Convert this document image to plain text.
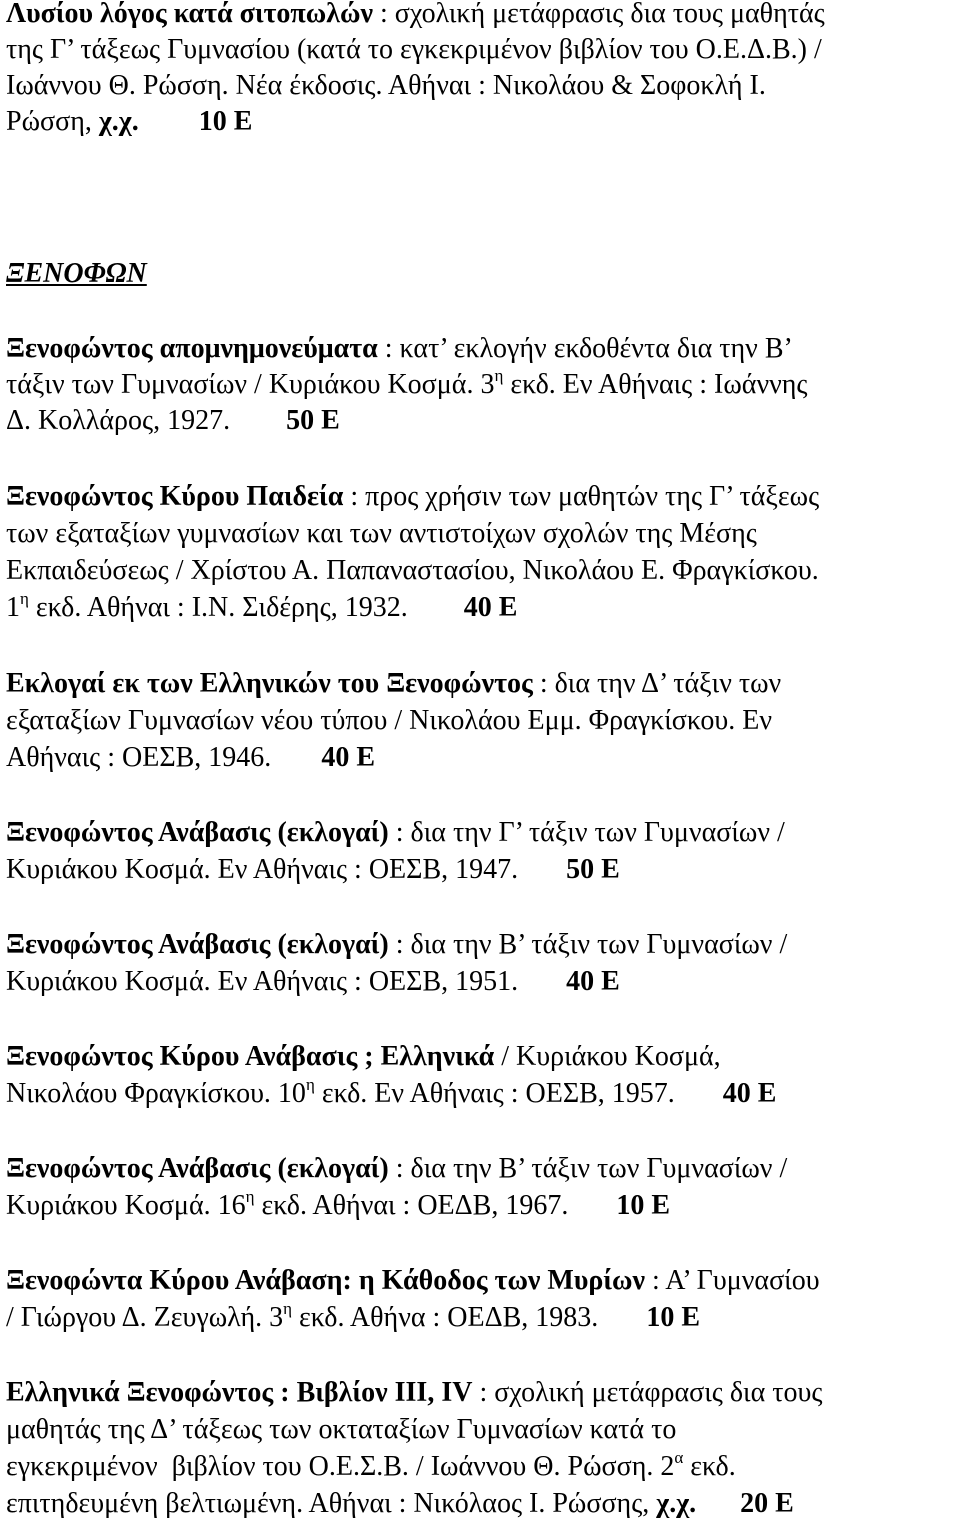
Λυσίου λόγος κατά σιτοπωλών : σχολική μετάφρασις δια τους μαθητάς

της Γ’ τάξεως Γυμνασίου (κατά το εγκεκριμένον βιβλίον του Ο.Ε.Δ.Β.) /

Ιωάννου Θ. Ρώσση. Νέα έκδοσις. Αθήναι : Νικολάου & Σοφοκλή Ι.

Ρώσση, χ.χ. 10 Ε

ΞΕΝΟΦΩΝ

Ξενοφώντος απομνημονεύματα : κατ’ εκλογήν εκδοθέντα δια την Β’

τάξιν των Γυμνασίων / Κυριάκου Κοσμά. $3^\eta$ εκδ. Εν Αθήναις : Ιωάννης

Δ. Κολλάρος, 1927. 50 Ε

Ξενοφώντος Κύρου Παιδεία : προς χρήσιν των μαθητών της Γ’ τάξεως

των εξαταξίων γυμνασίων και των αντιστοίχων σχολών της Μέσης

Εκπαιδεύσεως / Χρίστου Α. Παπαναστασίου, Νικολάου Ε. Φραγκίσκου.

$1^\eta$ εκδ. Αθήναι : Ι.Ν. Σιδέρης, 1932. 40 Ε

Εκλογαί εκ των Ελληνικών του Ξενοφώντος : δια την Δ’ τάξιν των

εξαταξίων Γυμνασίων νέου τύπου / Νικολάου Εμμ. Φραγκίσκου. Εν

Αθήναις : ΟΕΣΒ, 1946. 40 Ε

Ξενοφώντος Ανάβασις (εκλογαί) : δια την Γ’ τάξιν των Γυμνασίων /

Κυριάκου Κοσμά. Εν Αθήναις : ΟΕΣΒ, 1947. 50 Ε

Ξενοφώντος Ανάβασις (εκλογαί) : δια την Β’ τάξιν των Γυμνασίων /

Κυριάκου Κοσμά. Εν Αθήναις : ΟΕΣΒ, 1951. 40 Ε

Ξενοφώντος Κύρου Ανάβασις ; Ελληνικά / Κυριάκου Κοσμά,

Νικολάου Φραγκίσκου. $10^\eta$ εκδ. Εν Αθήναις : ΟΕΣΒ, 1957. 40 Ε

Ξενοφώντος Ανάβασις (εκλογαί) : δια την Β’ τάξιν των Γυμνασίων /

Κυριάκου Κοσμά. $16^\eta$ εκδ. Αθήναι : ΟΕΔΒ, 1967. 10 Ε

Ξενοφώντα Κύρου Ανάβαση: η Κάθοδος των Μυρίων : Α’ Γυμνασίου

/ Γιώργου Δ. Ζευγωλή. $3^\eta$ εκδ. Αθήνα : ΟΕΔΒ, 1983. 10 Ε

Ελληνικά Ξενοφώντος : Βιβλίον ΙΙΙ, ΙV : σχολική μετάφρασις δια τους

μαθητάς της Δ’ τάξεως των οκταταξίων Γυμνασίων κατά το

εγκεκριμένον  βιβλίον του Ο.Ε.Σ.Β. / Ιωάννου Θ. Ρώσση. $2^\alpha$ εκδ.

επιτηδευμένη βελτιωμένη. Αθήναι : Νικόλαος Ι. Ρώσσης, χ.χ. 20 Ε
